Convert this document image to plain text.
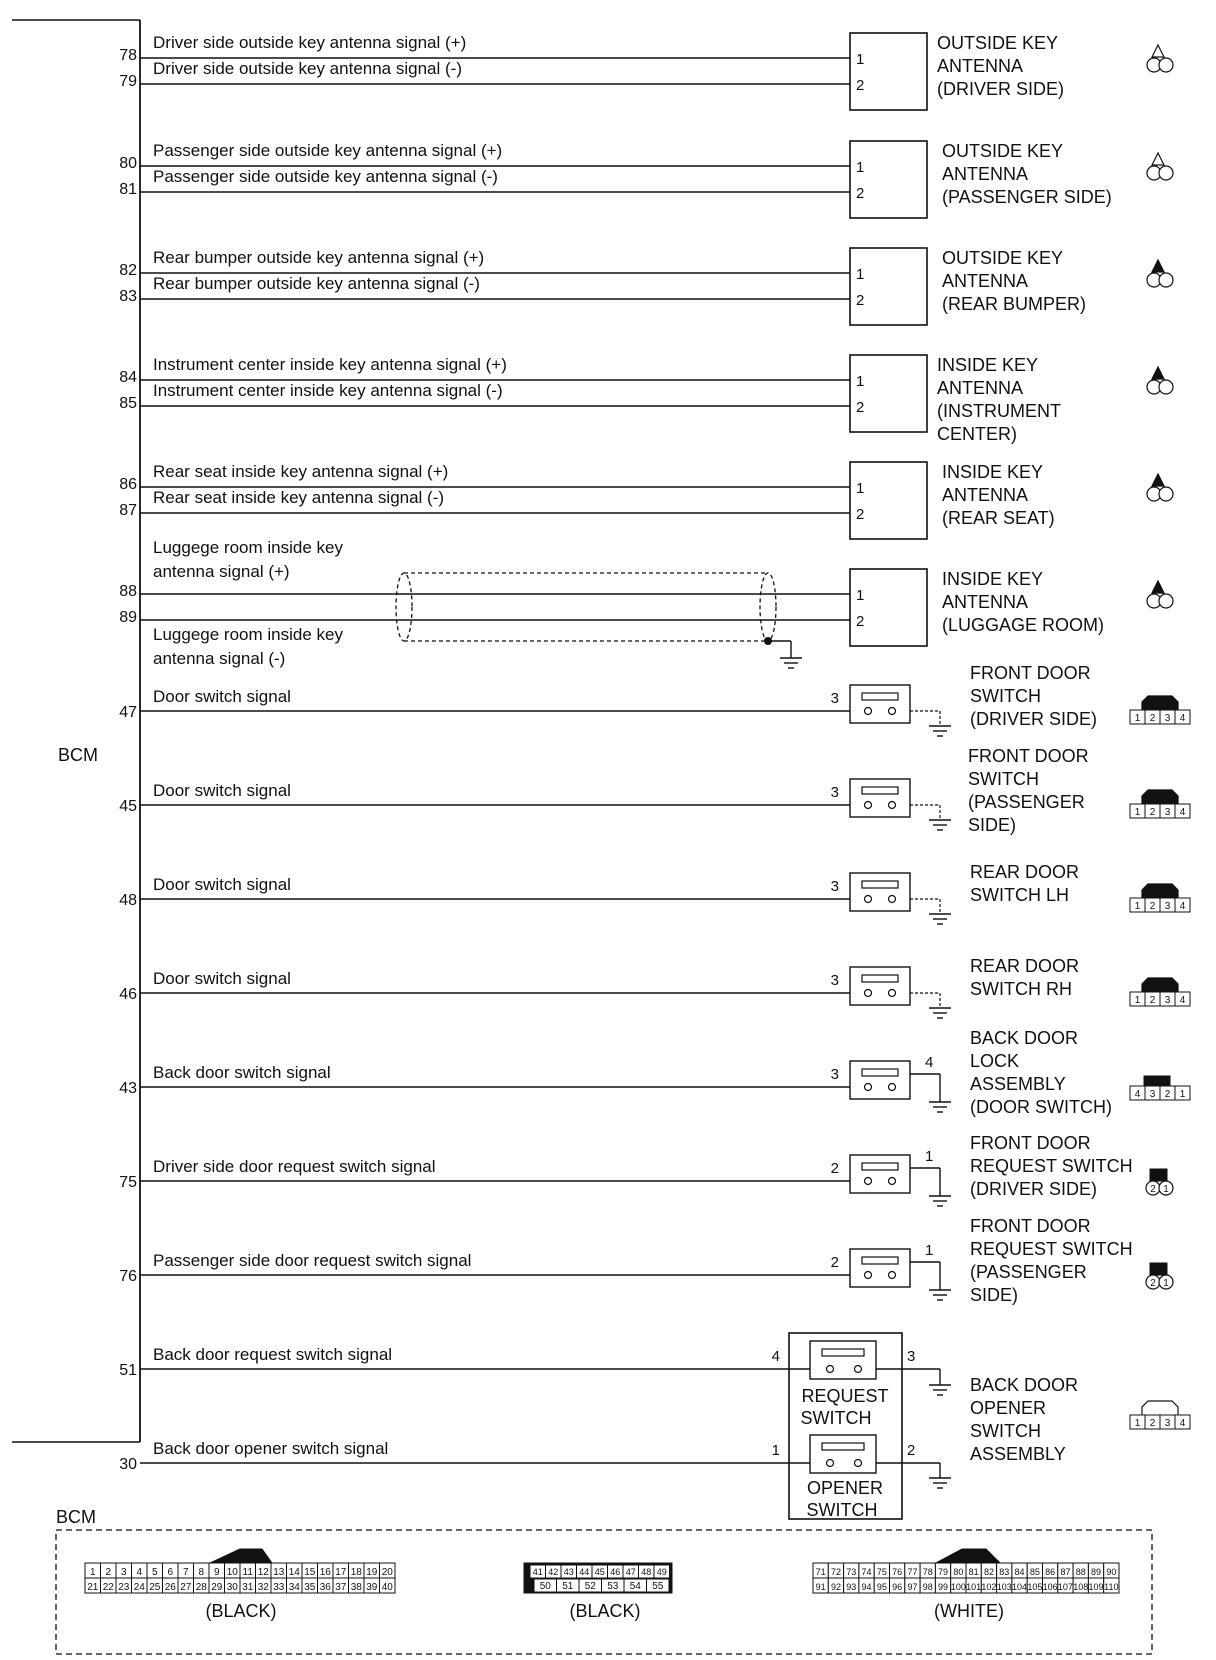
BCM
78
79
Driver side outside key antenna signal (+)
Driver side outside key antenna signal (-)	1
2
OUTSIDE KEY
ANTENNA
(DRIVER SIDE)
80
81
Passenger side outside key antenna signal (+)
Passenger side outside key antenna signal (-)	1
2
OUTSIDE KEY
ANTENNA
(PASSENGER SIDE)
82
83
Rear bumper outside key antenna signal (+)
Rear bumper outside key antenna signal (-)	1
2
OUTSIDE KEY
ANTENNA
(REAR BUMPER)
84
85
Instrument center inside key antenna signal (+)
Instrument center inside key antenna signal (-)	1
2
INSIDE KEY
ANTENNA
(INSTRUMENT
CENTER)
86
87
Rear seat inside key antenna signal (+)
Rear seat inside key antenna signal (-)	1
2
INSIDE KEY
ANTENNA
(REAR SEAT)
88
89
Luggege room inside key
antenna signal (+)
Luggege room inside key
antenna signal (-)
1
2
INSIDE KEY
ANTENNA
(LUGGAGE ROOM)
47
Door switch signal	3
FRONT DOOR
SWITCH
(DRIVER SIDE)	1 2 3 4
45
Door switch signal	3
FRONT DOOR
SWITCH
(PASSENGER
SIDE)
1 2 3 4
48
Door switch signal	3
REAR DOOR
SWITCH LH
1 2 3 4
46
Door switch signal	3
REAR DOOR
SWITCH RH
1 2 3 4
43
Back door switch signal	3
4
BACK DOOR
LOCK
ASSEMBLY
(DOOR SWITCH)
4 3 2 1
75
Driver side door request switch signal	2
1
FRONT DOOR
REQUEST SWITCH
(DRIVER SIDE)	2 1
76
Passenger side door request switch signal	2
1
FRONT DOOR
REQUEST SWITCH
(PASSENGER
SIDE)
2 1
51
30
Back door request switch signal
Back door opener switch signal
4	3
1	2
REQUEST
SWITCH
OPENER
SWITCH
BACK DOOR
OPENER
SWITCH
ASSEMBLY
1 2 3 4
BCM
(BLACK)	(BLACK)	(WHITE)
1 2 3 4 5 6 7 8 9 10 11 12 13 14 15 16 17 18 19 20
21 22 23 24 25 26 27 28 29 30 31 32 33 34 35 36 37 38 39 40
41 42 43 44 45 46 47 48 49
50 51 52 53 54 55
71 72 73 74 75 76 77 78 79 80 81 82 83 84 85 86 87 88 89 90
91 92 93 94 95 96 97 98 99 100 101 102 103 104 105 106 107 108 109 110
